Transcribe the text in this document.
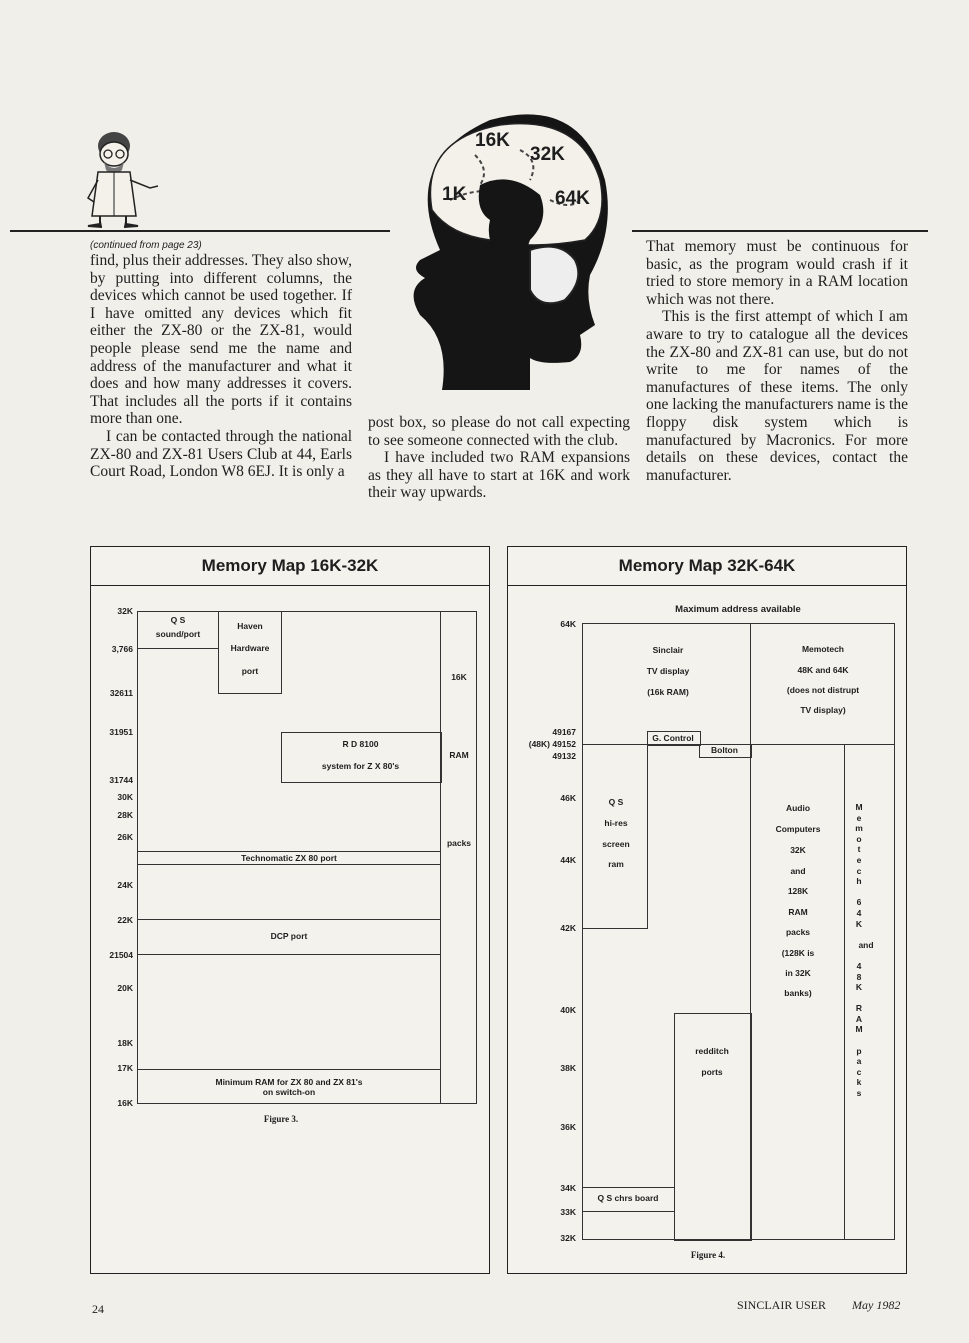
16K
32K
1K	64K
(continued from page 23)

find, plus their addresses. They also show, by putting into different columns, the devices which cannot be used together. If I have omitted any devices which fit either the ZX-80 or the ZX-81, would people please send me the name and address of the manufacturer and what it does and how many addresses it covers. That includes all the ports if it contains more than one.

I can be contacted through the national ZX-80 and ZX-81 Users Club at 44, Earls Court Road, London W8 6EJ. It is only a

post box, so please do not call expecting to see someone connected with the club.

I have included two RAM expansions as they all have to start at 16K and work their way upwards.

That memory must be continuous for basic, as the program would crash if it tried to store memory in a RAM location which was not there.

This is the first attempt of which I am aware to try to catalogue all the devices the ZX-80 and ZX-81 can use, but do not write to me for names of the manufactures of these items. The only one lacking the manufacturers name is the floppy disk system which is manufactured by Macronics. For more details on these devices, contact the manufacturer.

Memory Map 16K-32K
32K
3,766
32611
31951
31744
30K
28K
26K
24K
22K
21504
20K
18K
17K
16K
Q S
sound/port
Haven
Hardware
port
R D 8100
system for Z X 80's
Technomatic ZX 80 port
DCP port
Minimum RAM for ZX 80 and ZX 81's
on switch-on
16K
RAM
packs
Figure 3.
Memory Map 32K-64K
Maximum address available
64K
49167
(48K) 49152
49132
46K
44K
42K
40K
38K
36K
34K
33K
32K
Sinclair
TV display
(16k RAM)
Memotech
48K and 64K
(does not distrupt
TV display)
G. Control
Bolton
Q S
hi-res
screen
ram
Audio
Computers
32K
and
128K
RAM
packs
(128K is
in 32K
banks)
M
e
m
o
t
e
c
h
6
4
K
and
4
8
K
R
A
M
p
a
c
k
s
redditch
ports
Q S chrs board
Figure 4.
24	SINCLAIR USER May 1982
